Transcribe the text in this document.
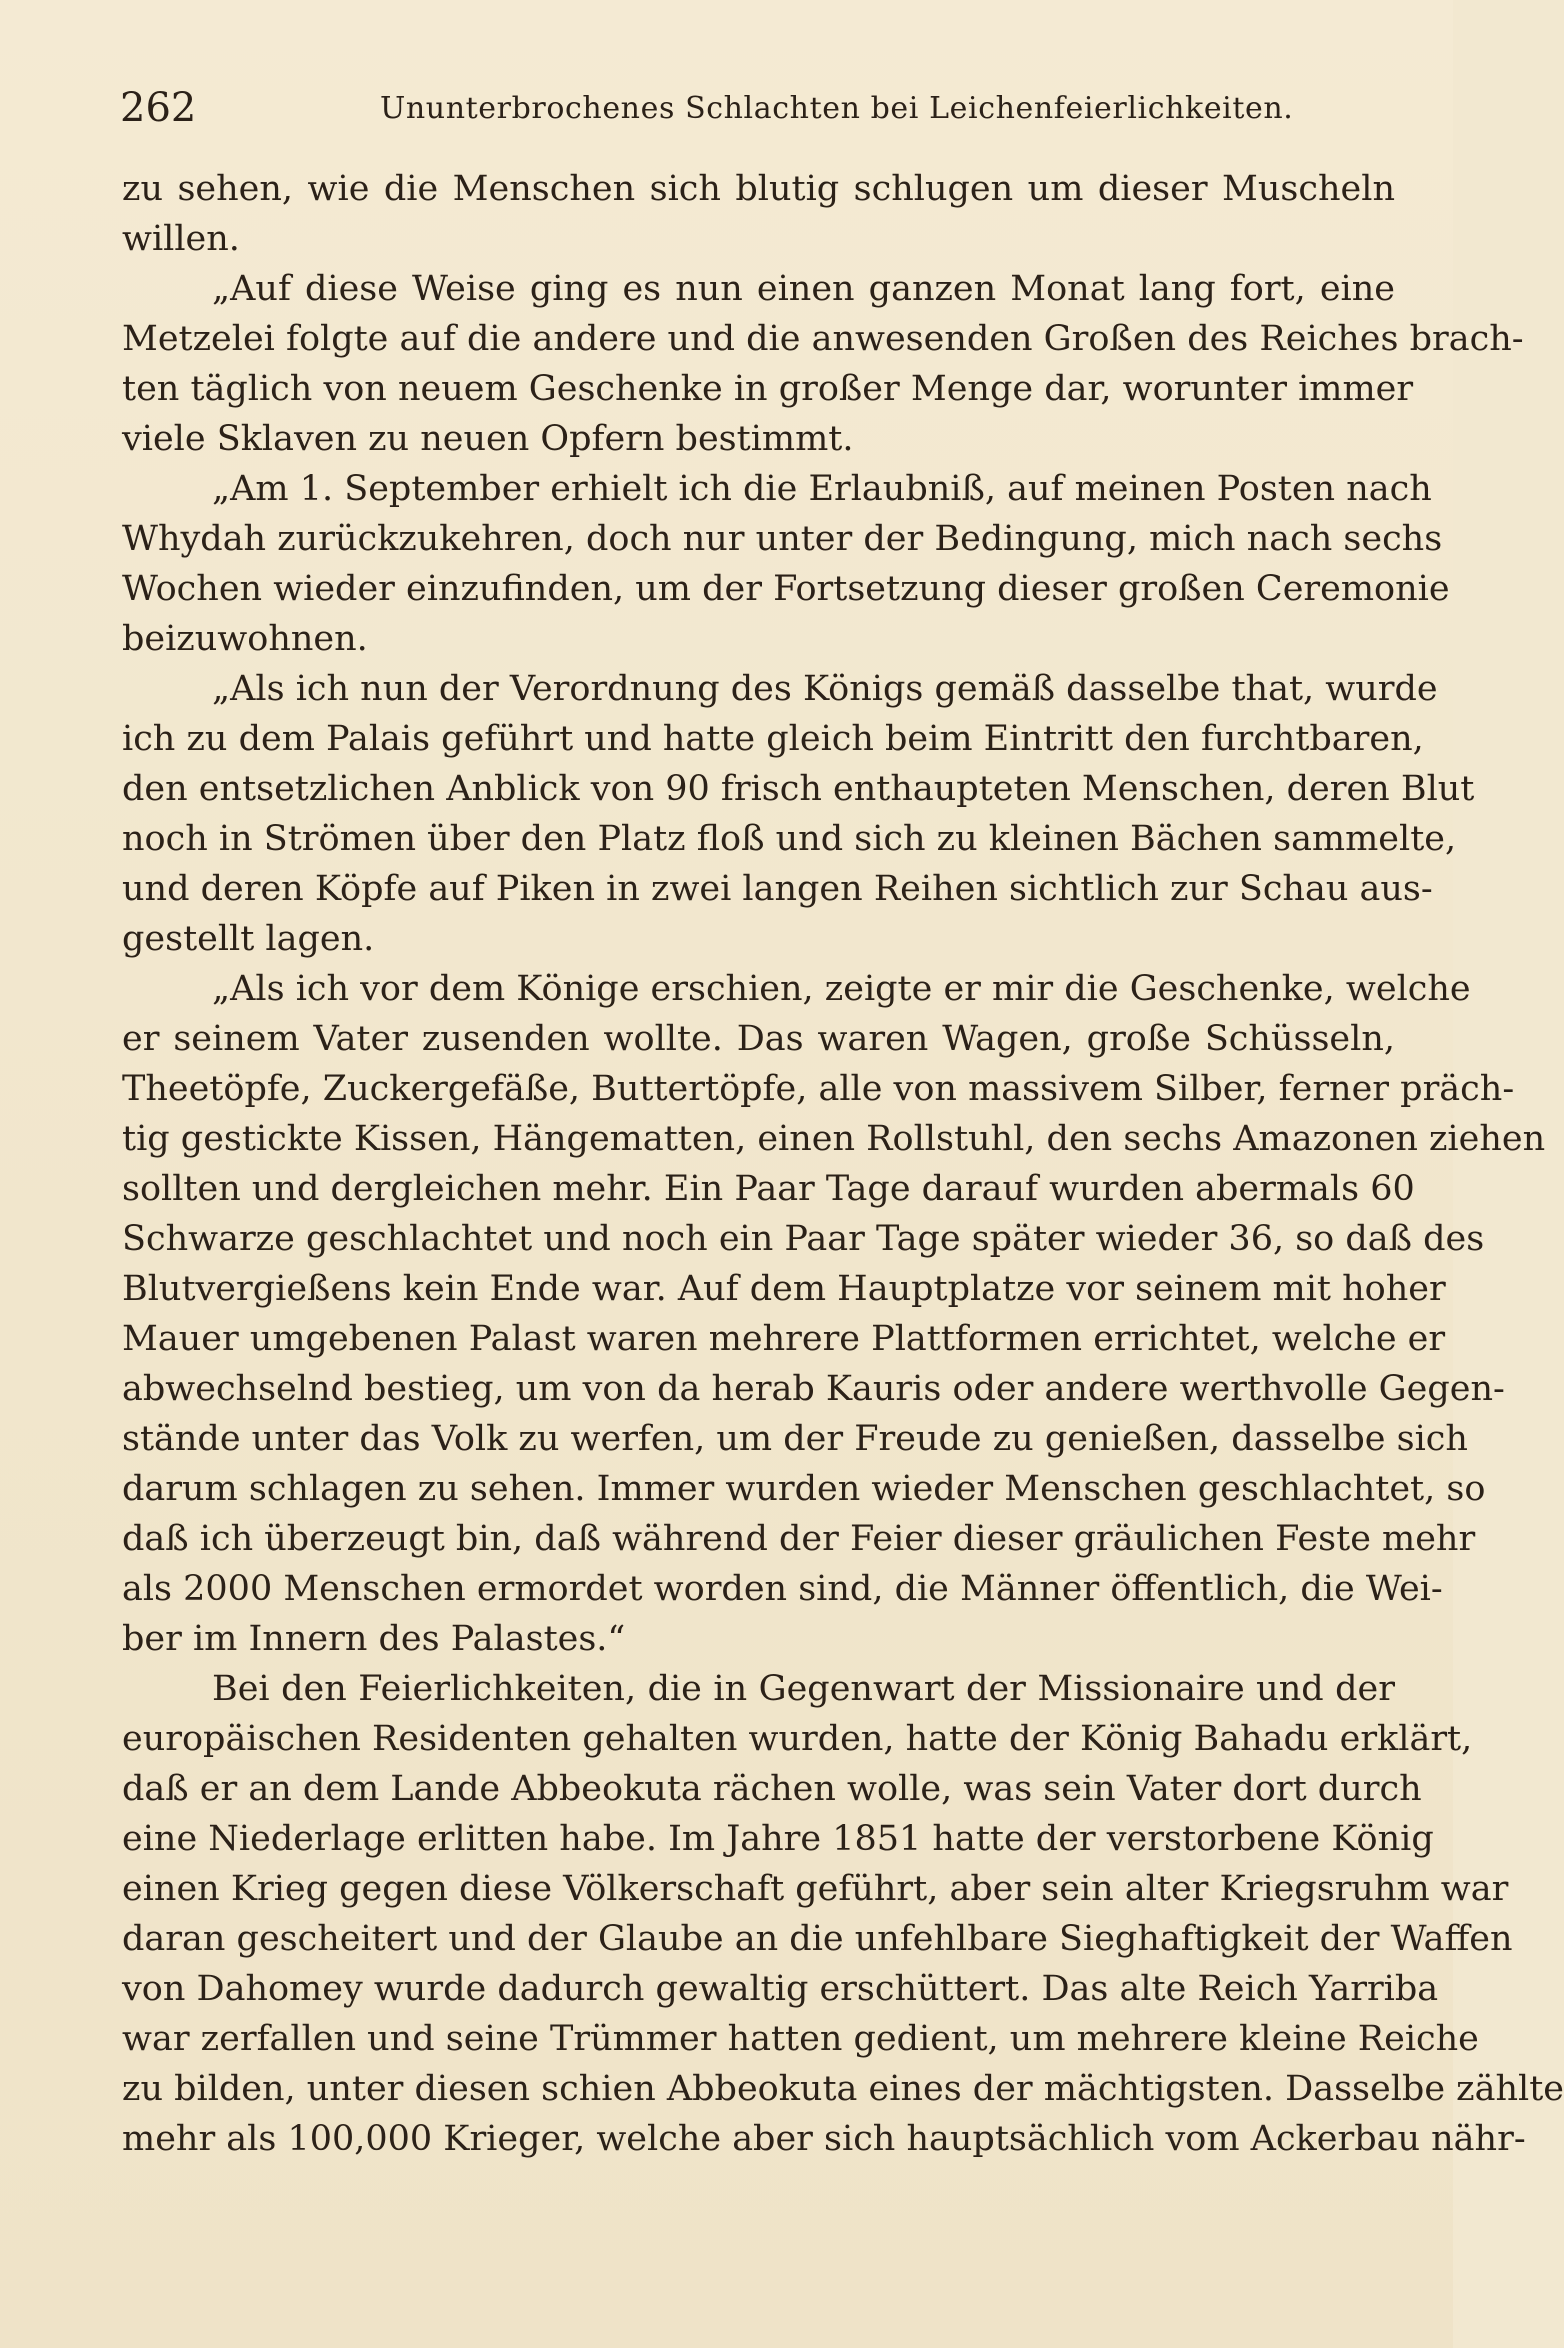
262	Ununterbrochenes Schlachten bei Leichenfeierlichkeiten.
zu sehen, wie die Menschen sich blutig schlugen um dieser Muscheln
willen.
„Auf diese Weise ging es nun einen ganzen Monat lang fort, eine
Metzelei folgte auf die andere und die anwesenden Großen des Reiches brach-
ten täglich von neuem Geschenke in großer Menge dar, worunter immer
viele Sklaven zu neuen Opfern bestimmt.
„Am 1. September erhielt ich die Erlaubniß, auf meinen Posten nach
Whydah zurückzukehren, doch nur unter der Bedingung, mich nach sechs
Wochen wieder einzufinden, um der Fortsetzung dieser großen Ceremonie
beizuwohnen.
„Als ich nun der Verordnung des Königs gemäß dasselbe that, wurde
ich zu dem Palais geführt und hatte gleich beim Eintritt den furchtbaren,
den entsetzlichen Anblick von 90 frisch enthaupteten Menschen, deren Blut
noch in Strömen über den Platz floß und sich zu kleinen Bächen sammelte,
und deren Köpfe auf Piken in zwei langen Reihen sichtlich zur Schau aus-
gestellt lagen.
„Als ich vor dem Könige erschien, zeigte er mir die Geschenke, welche
er seinem Vater zusenden wollte. Das waren Wagen, große Schüsseln,
Theetöpfe, Zuckergefäße, Buttertöpfe, alle von massivem Silber, ferner präch-
tig gestickte Kissen, Hängematten, einen Rollstuhl, den sechs Amazonen ziehen
sollten und dergleichen mehr. Ein Paar Tage darauf wurden abermals 60
Schwarze geschlachtet und noch ein Paar Tage später wieder 36, so daß des
Blutvergießens kein Ende war. Auf dem Hauptplatze vor seinem mit hoher
Mauer umgebenen Palast waren mehrere Plattformen errichtet, welche er
abwechselnd bestieg, um von da herab Kauris oder andere werthvolle Gegen-
stände unter das Volk zu werfen, um der Freude zu genießen, dasselbe sich
darum schlagen zu sehen. Immer wurden wieder Menschen geschlachtet, so
daß ich überzeugt bin, daß während der Feier dieser gräulichen Feste mehr
als 2000 Menschen ermordet worden sind, die Männer öffentlich, die Wei-
ber im Innern des Palastes.“
Bei den Feierlichkeiten, die in Gegenwart der Missionaire und der
europäischen Residenten gehalten wurden, hatte der König Bahadu erklärt,
daß er an dem Lande Abbeokuta rächen wolle, was sein Vater dort durch
eine Niederlage erlitten habe. Im Jahre 1851 hatte der verstorbene König
einen Krieg gegen diese Völkerschaft geführt, aber sein alter Kriegsruhm war
daran gescheitert und der Glaube an die unfehlbare Sieghaftigkeit der Waffen
von Dahomey wurde dadurch gewaltig erschüttert. Das alte Reich Yarriba
war zerfallen und seine Trümmer hatten gedient, um mehrere kleine Reiche
zu bilden, unter diesen schien Abbeokuta eines der mächtigsten. Dasselbe zählte
mehr als 100,000 Krieger, welche aber sich hauptsächlich vom Ackerbau nähr-
